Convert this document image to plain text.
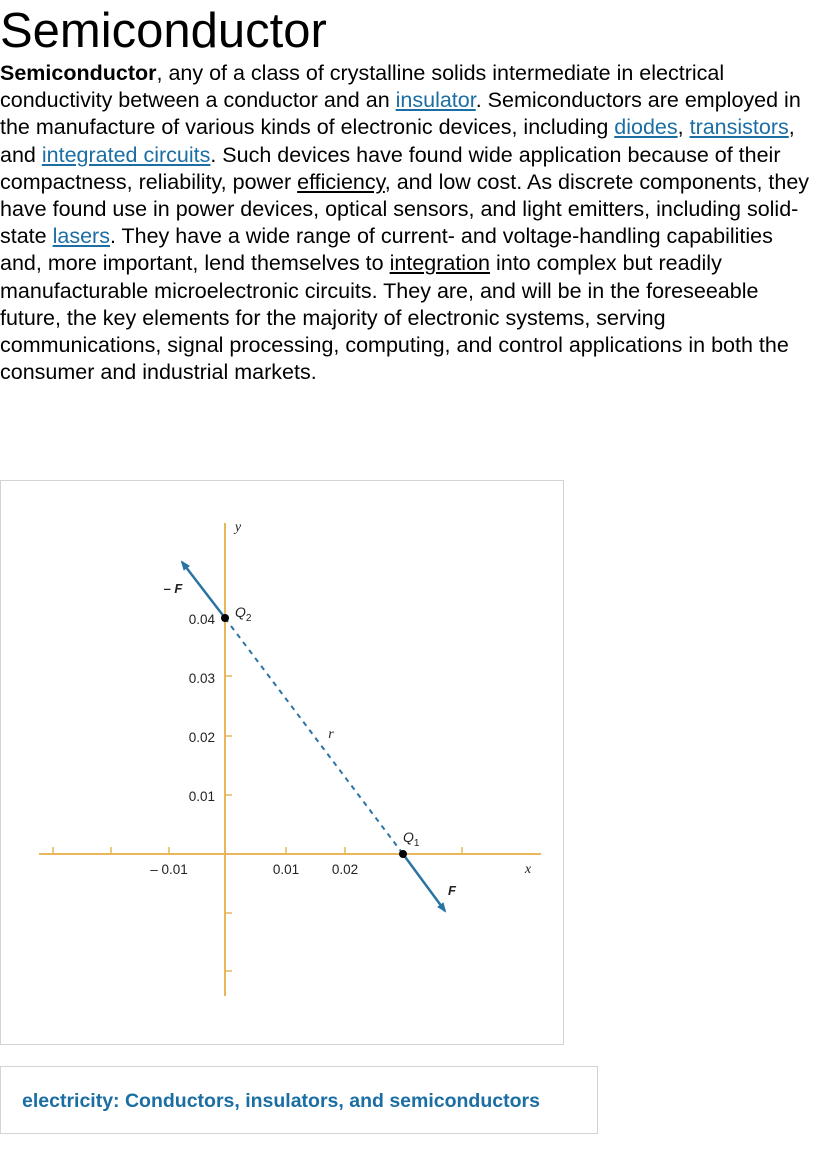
Semiconductor

Semiconductor, any of a class of crystalline solids intermediate in electrical conductivity between a conductor and an insulator. Semiconductors are employed in the manufacture of various kinds of electronic devices, including diodes, transistors, and integrated circuits. Such devices have found wide application because of their compactness, reliability, power efficiency, and low cost. As discrete components, they have found use in power devices, optical sensors, and light emitters, including solid-state lasers. They have a wide range of current- and voltage-handling capabilities and, more important, lend themselves to integration into complex but readily manufacturable microelectronic circuits. They are, and will be in the foreseeable future, the key elements for the majority of electronic systems, serving communications, signal processing, computing, and control applications in both the consumer and industrial markets.

– 0.01	0.01 0.02
0.04
0.03
0.02
0.01
x
y
– F
F
r
$Q_2$
$Q_1$
electricity: Conductors, insulators, and semiconductors
